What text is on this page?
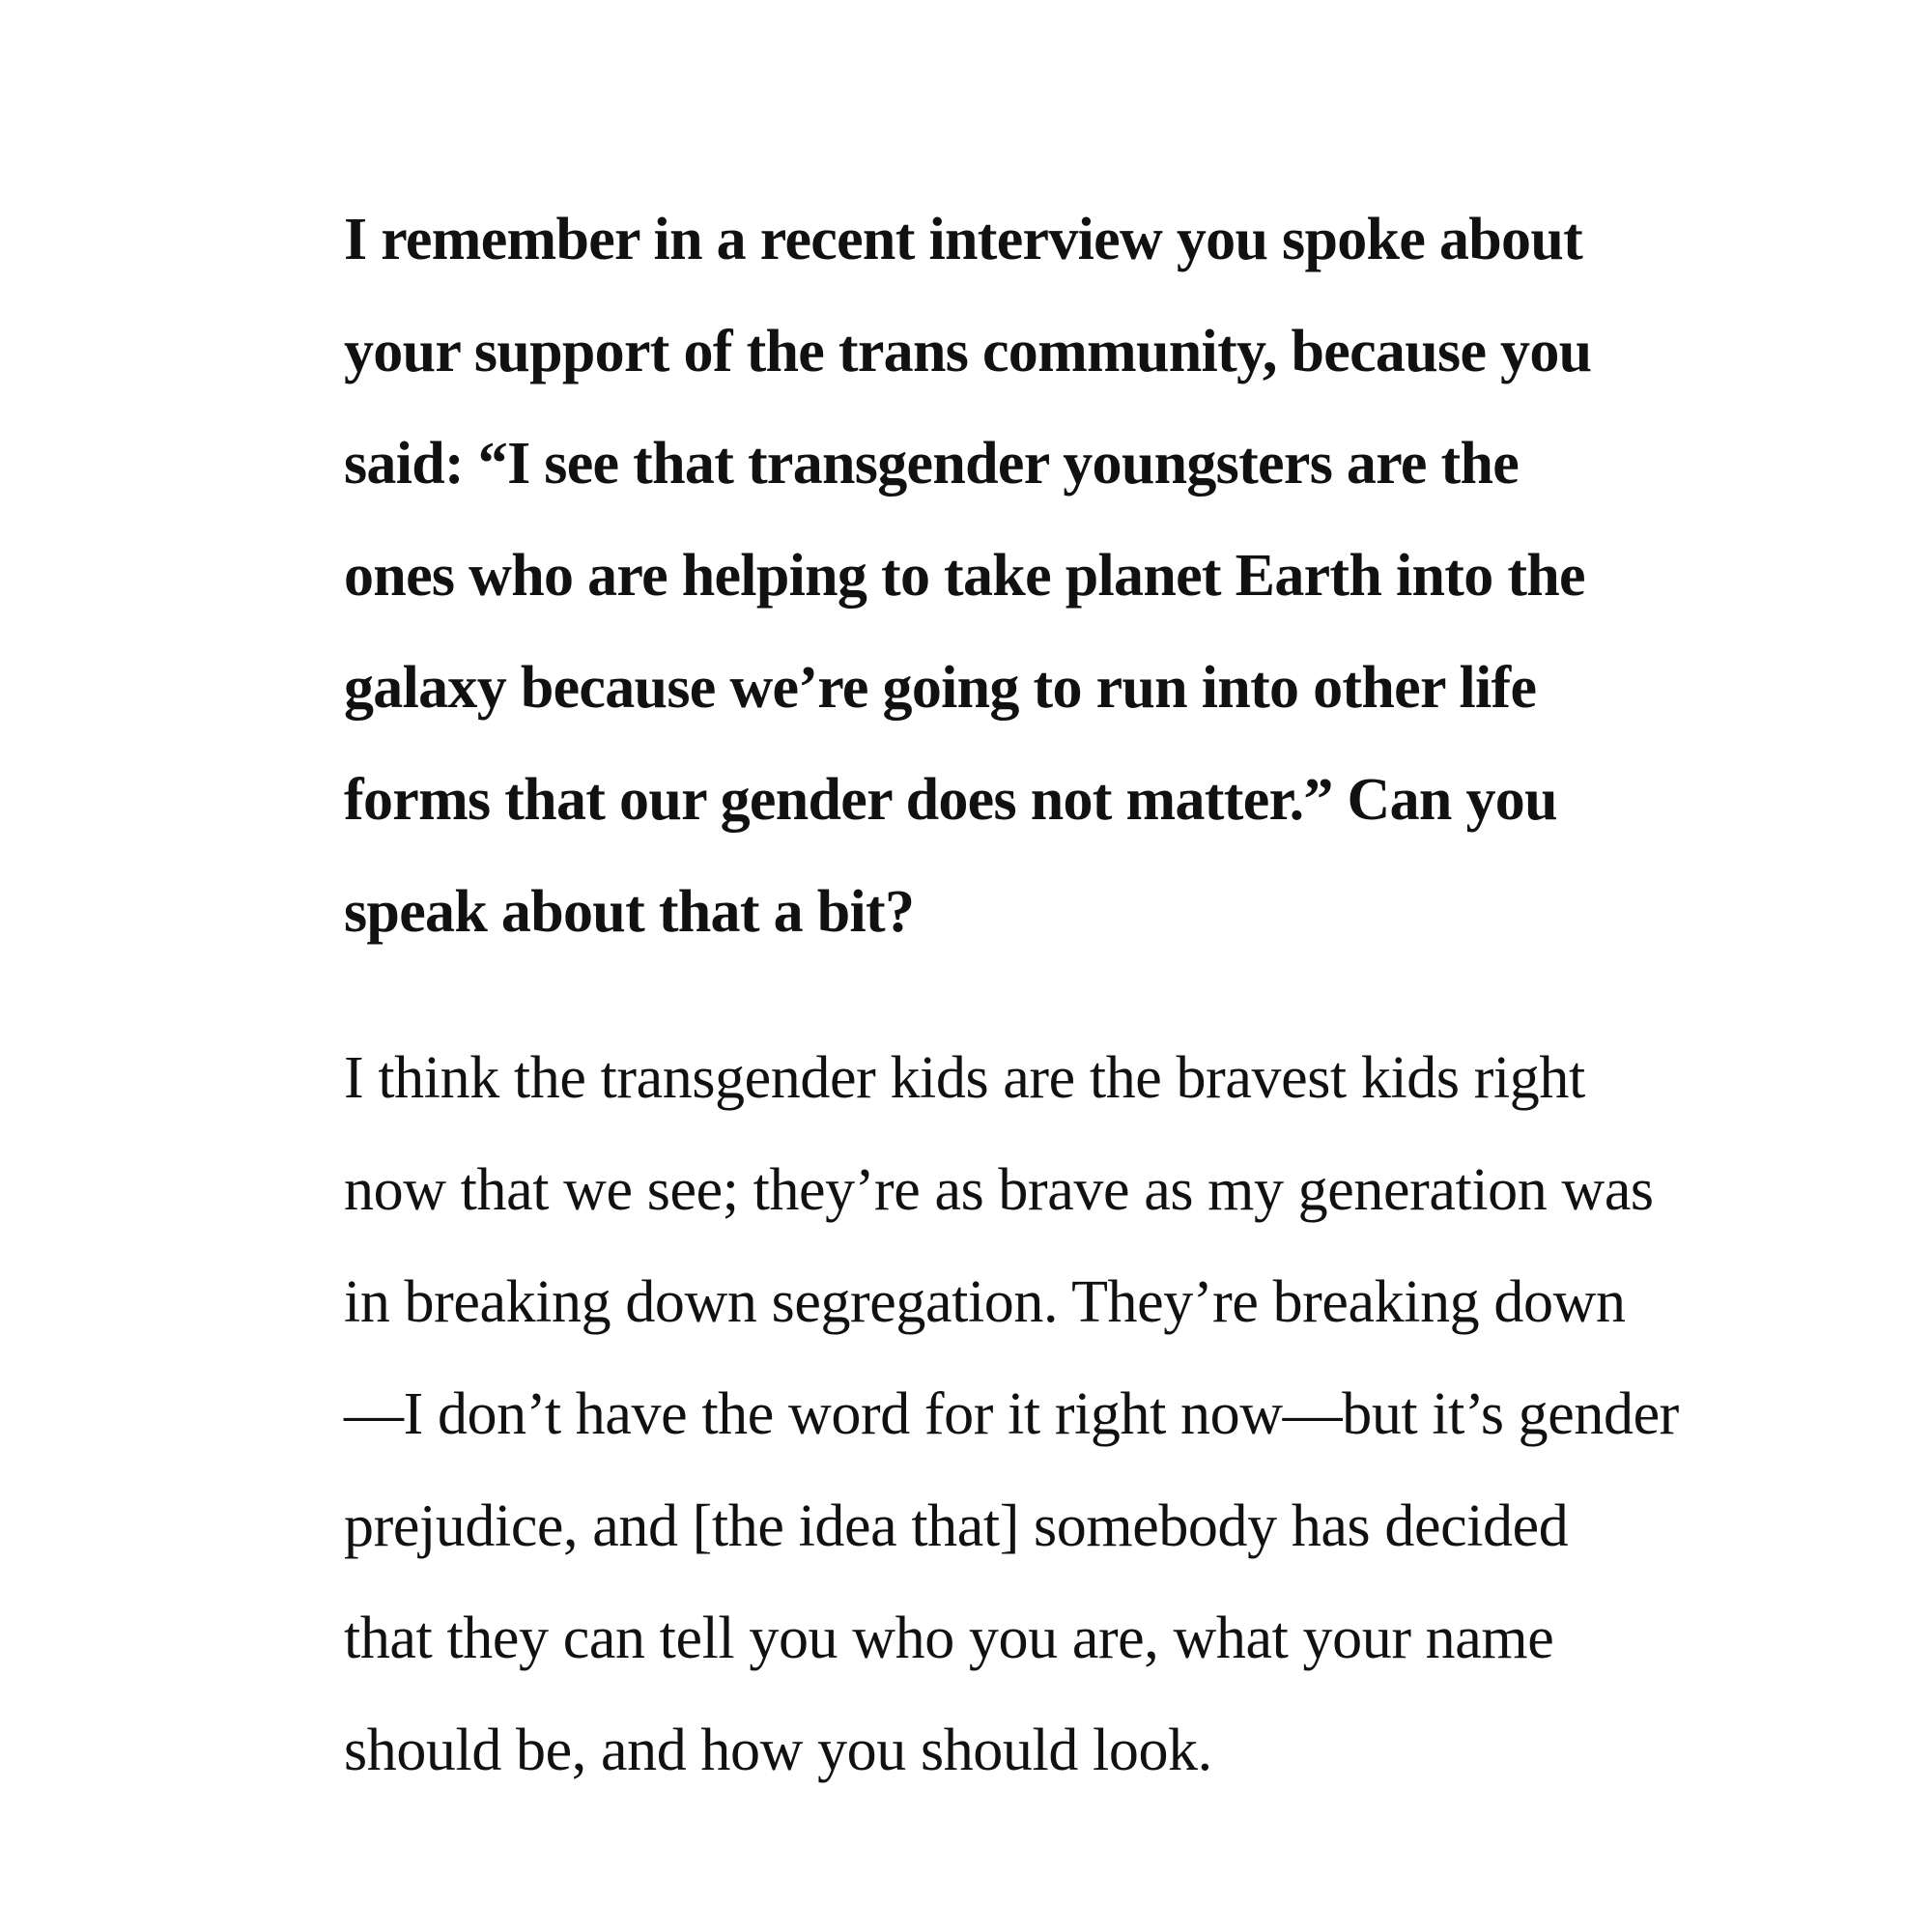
I remember in a recent interview you spoke about
your support of the trans community, because you
said: “I see that transgender youngsters are the
ones who are helping to take planet Earth into the
galaxy because we’re going to run into other life
forms that our gender does not matter.” Can you
speak about that a bit?

I think the transgender kids are the bravest kids right
now that we see; they’re as brave as my generation was
in breaking down segregation. They’re breaking down
—I don’t have the word for it right now—but it’s gender
prejudice, and [the idea that] somebody has decided
that they can tell you who you are, what your name
should be, and how you should look.
